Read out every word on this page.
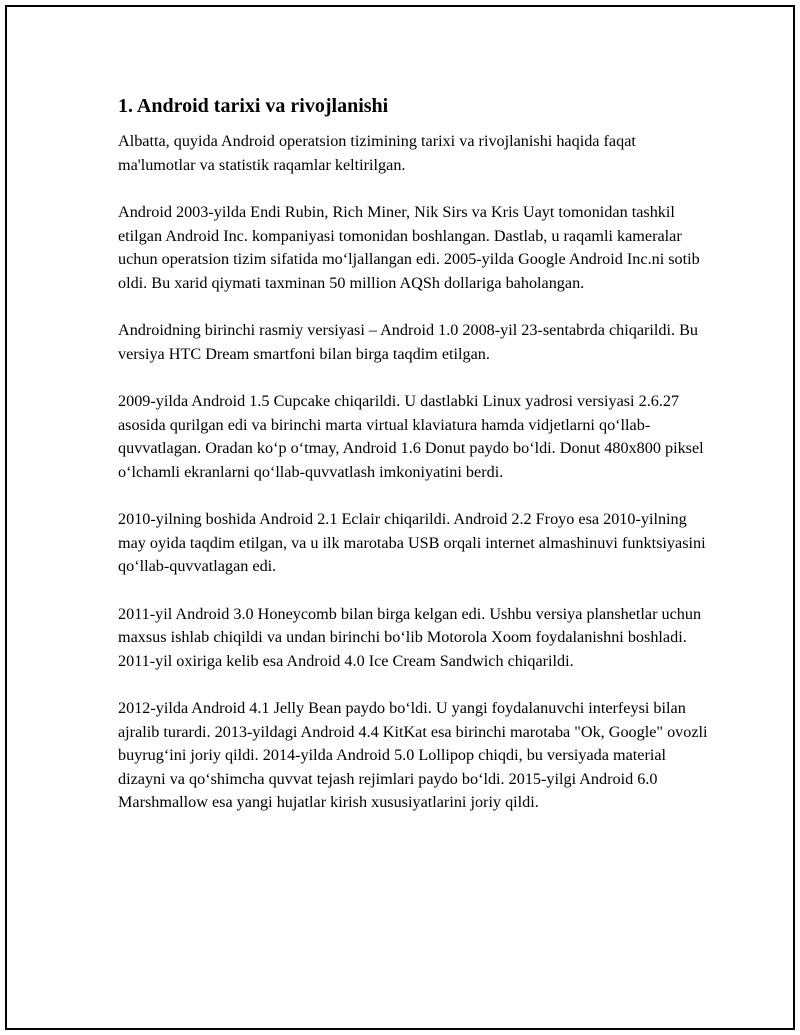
1. Android tarixi va rivojlanishi

Albatta, quyida Android operatsion tizimining tarixi va rivojlanishi haqida faqat ma'lumotlar va statistik raqamlar keltirilgan.

Android 2003-yilda Endi Rubin, Rich Miner, Nik Sirs va Kris Uayt tomonidan tashkil etilgan Android Inc. kompaniyasi tomonidan boshlangan. Dastlab, u raqamli kameralar uchun operatsion tizim sifatida mo‘ljallangan edi. 2005-yilda Google Android Inc.ni sotib oldi. Bu xarid qiymati taxminan 50 million AQSh dollariga baholangan.

Androidning birinchi rasmiy versiyasi – Android 1.0 2008-yil 23-sentabrda chiqarildi. Bu versiya HTC Dream smartfoni bilan birga taqdim etilgan.

2009-yilda Android 1.5 Cupcake chiqarildi. U dastlabki Linux yadrosi versiyasi 2.6.27 asosida qurilgan edi va birinchi marta virtual klaviatura hamda vidjetlarni qo‘llab-quvvatlagan. Oradan ko‘p o‘tmay, Android 1.6 Donut paydo bo‘ldi. Donut 480x800 piksel o‘lchamli ekranlarni qo‘llab-quvvatlash imkoniyatini berdi.

2010-yilning boshida Android 2.1 Eclair chiqarildi. Android 2.2 Froyo esa 2010-yilning may oyida taqdim etilgan, va u ilk marotaba USB orqali internet almashinuvi funktsiyasini qo‘llab-quvvatlagan edi.

2011-yil Android 3.0 Honeycomb bilan birga kelgan edi. Ushbu versiya planshetlar uchun maxsus ishlab chiqildi va undan birinchi bo‘lib Motorola Xoom foydalanishni boshladi. 2011-yil oxiriga kelib esa Android 4.0 Ice Cream Sandwich chiqarildi.

2012-yilda Android 4.1 Jelly Bean paydo bo‘ldi. U yangi foydalanuvchi interfeysi bilan ajralib turardi. 2013-yildagi Android 4.4 KitKat esa birinchi marotaba "Ok, Google" ovozli buyrug‘ini joriy qildi. 2014-yilda Android 5.0 Lollipop chiqdi, bu versiyada material dizayni va qo‘shimcha quvvat tejash rejimlari paydo bo‘ldi. 2015-yilgi Android 6.0 Marshmallow esa yangi hujatlar kirish xususiyatlarini joriy qildi.
